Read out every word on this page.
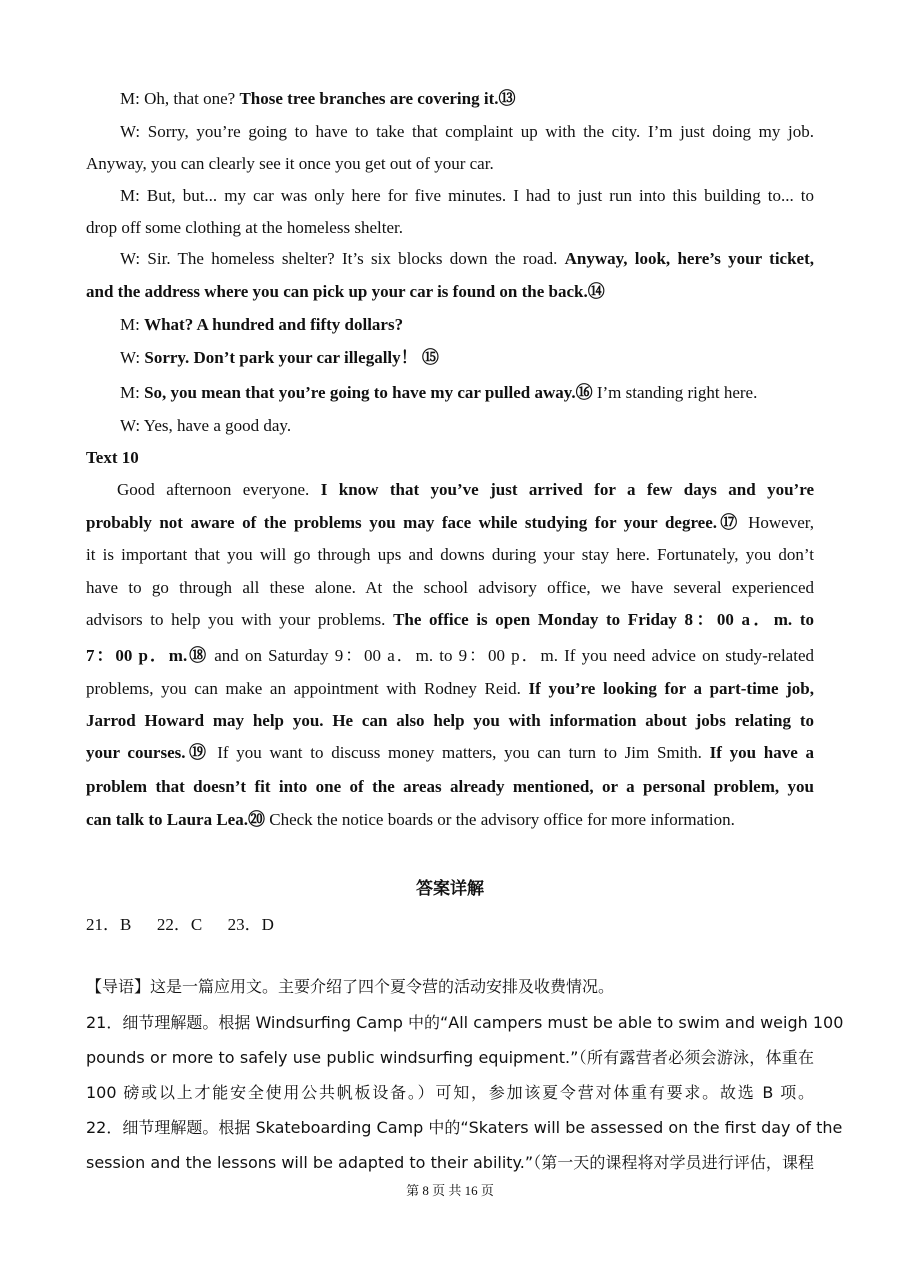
M: Oh, that one? Those tree branches are covering it.⑬
W: Sorry, you’re going to have to take that complaint up with the city. I’m just doing my job.
Anyway, you can clearly see it once you get out of your car.
M: But, but... my car was only here for five minutes. I had to just run into this building to... to
drop off some clothing at the homeless shelter.
W: Sir. The homeless shelter? It’s six blocks down the road. Anyway, look, here’s your ticket,
and the address where you can pick up your car is found on the back.⑭
M: What? A hundred and fifty dollars?
W: Sorry. Don’t park your car illegally！ ⑮
M: So, you mean that you’re going to have my car pulled away.⑯ I’m standing right here.
W: Yes, have a good day.
Text 10
Good afternoon everyone. I know that you’ve just arrived for a few days and you’re
probably not aware of the problems you may face while studying for your degree.⑰ However,
it is important that you will go through ups and downs during your stay here. Fortunately, you don’t
have to go through all these alone. At the school advisory office, we have several experienced
advisors to help you with your problems. The office is open Monday to Friday 8：00 a．m. to
7：00 p．m.⑱ and on Saturday 9：00 a．m. to 9：00 p．m. If you need advice on study-related
problems, you can make an appointment with Rodney Reid. If you’re looking for a part-time job,
Jarrod Howard may help you. He can also help you with information about jobs relating to
your courses.⑲ If you want to discuss money matters, you can turn to Jim Smith. If you have a
problem that doesn’t fit into one of the areas already mentioned, or a personal problem, you
can talk to Laura Lea.⑳ Check the notice boards or the advisory office for more information.
答案详解
21．B      22．C      23．D
【导语】这是一篇应用文。主要介绍了四个夏令营的活动安排及收费情况。
21．细节理解题。根据 Windsurfing Camp 中的“All campers must be able to swim and weigh 100
pounds or more to safely use public windsurfing equipment.”（所有露营者必须会游泳，体重在
100 磅或以上才能安全使用公共帆板设备。）可知，参加该夏令营对体重有要求。故选 B 项。
22．细节理解题。根据 Skateboarding Camp 中的“Skaters will be assessed on the first day of the
session and the lessons will be adapted to their ability.”（第一天的课程将对学员进行评估，课程
第 8 页 共 16 页
